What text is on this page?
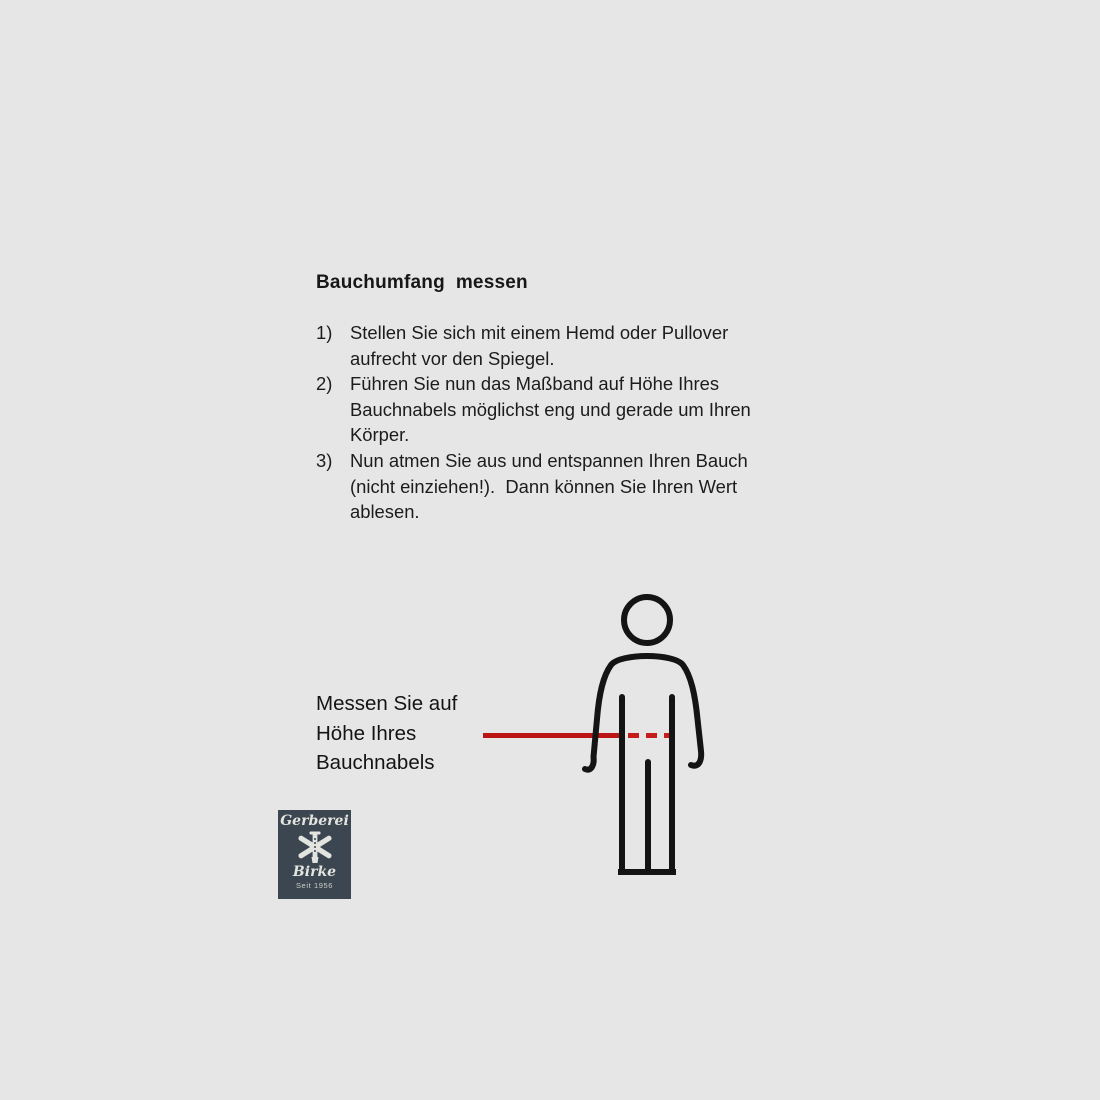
Bauchumfang  messen
1) Stellen Sie sich mit einem Hemd oder Pullover
aufrecht vor den Spiegel.
2) Führen Sie nun das Maßband auf Höhe Ihres
Bauchnabels möglichst eng und gerade um Ihren
Körper.
3) Nun atmen Sie aus und entspannen Ihren Bauch
(nicht einziehen!).  Dann können Sie Ihren Wert
ablesen.
Messen Sie auf
Höhe Ihres
Bauchnabels
Gerberei
Birke
Seit 1956
